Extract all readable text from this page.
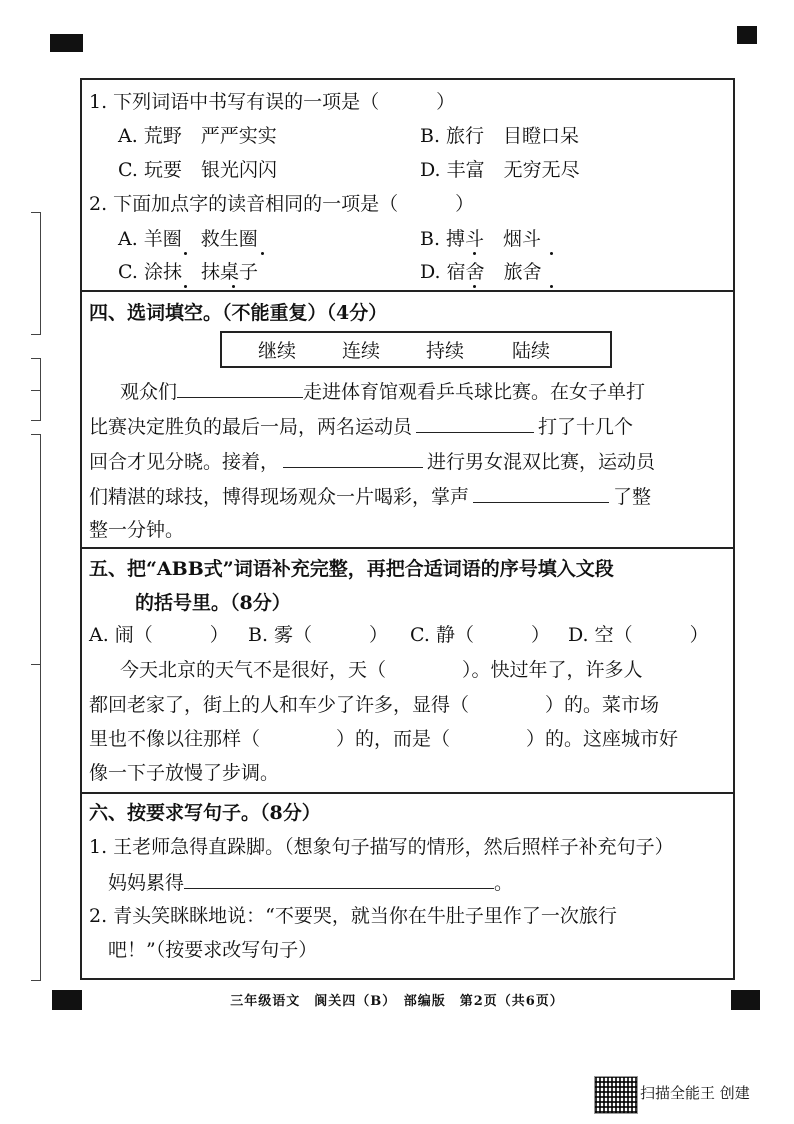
1. 下列词语中书写有误的一项是（　　　）
A. 荒野　严严实实	B. 旅行　目瞪口呆
C. 玩要　银光闪闪	D. 丰富　无穷无尽
2. 下面加点字的读音相同的一项是（　　　）
A. 羊圈　救生圈	B. 搏斗　烟斗
C. 涂抹　抹桌子	D. 宿舍　旅舍
四、选词填空。（不能重复）（4分）
继续 连续 持续	陆续
观众们	走进体育馆观看乒乓球比赛。在女子单打
比赛决定胜负的最后一局，两名运动员	打了十几个
回合才见分晓。接着，	进行男女混双比赛，运动员
们精湛的球技，博得现场观众一片喝彩，掌声	了整
整一分钟。
五、把“ABB式”词语补充完整，再把合适词语的序号填入文段
的括号里。（8分）
A. 闹（　　　） B. 雾（　　　） C. 静（　　　） D. 空（　　　）
今天北京的天气不是很好，天（　　　　）。快过年了，许多人
都回老家了，街上的人和车少了许多，显得（　　　　）的。菜市场
里也不像以往那样（　　　　）的，而是（　　　　）的。这座城市好
像一下子放慢了步调。
六、按要求写句子。（8分）
1. 王老师急得直跺脚。（想象句子描写的情形，然后照样子补充句子）
妈妈累得	。
2. 青头笑眯眯地说：“不要哭，就当你在牛肚子里作了一次旅行
吧！”（按要求改写句子）
三年级语文　阆关四（B）　部编版　第2页（共6页）
扫描全能王 创建
